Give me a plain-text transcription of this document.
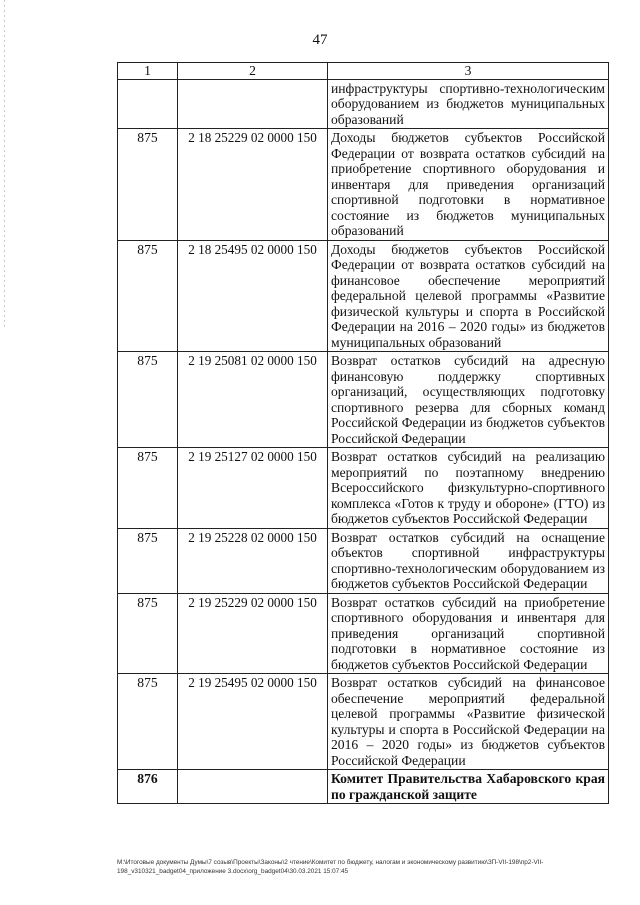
47
1	2	3
		инфраструктуры спортивно-технологическим оборудованием из бюджетов муниципальных образований
875	2 18 25229 02 0000 150	Доходы бюджетов субъектов Российской Федерации от возврата остатков субсидий на приобретение спортивного оборудования и инвентаря для приведения организаций спортивной подготовки в нормативное состояние из бюджетов муниципальных образований
875	2 18 25495 02 0000 150	Доходы бюджетов субъектов Российской Федерации от возврата остатков субсидий на финансовое обеспечение мероприятий федеральной целевой программы «Развитие физической культуры и спорта в Российской Федерации на 2016 – 2020 годы» из бюджетов муниципальных образований
875	2 19 25081 02 0000 150	Возврат остатков субсидий на адресную финансовую поддержку спортивных организаций, осуществляющих подготовку спортивного резерва для сборных команд Российской Федерации из бюджетов субъектов Российской Федерации
875	2 19 25127 02 0000 150	Возврат остатков субсидий на реализацию мероприятий по поэтапному внедрению Всероссийского физкультурно-спортивного комплекса «Готов к труду и обороне» (ГТО) из бюджетов субъектов Российской Федерации
875	2 19 25228 02 0000 150	Возврат остатков субсидий на оснащение объектов спортивной инфраструктуры спортивно-технологическим оборудованием из бюджетов субъектов Российской Федерации
875	2 19 25229 02 0000 150	Возврат остатков субсидий на приобретение спортивного оборудования и инвентаря для приведения организаций спортивной подготовки в нормативное состояние из бюджетов субъектов Российской Федерации
875	2 19 25495 02 0000 150	Возврат остатков субсидий на финансовое обеспечение мероприятий федеральной целевой программы «Развитие физической культуры и спорта в Российской Федерации на 2016 – 2020 годы» из бюджетов субъектов Российской Федерации
876		Комитет Правительства Хабаровского края по гражданской защите
М:\Итоговые документы Думы\7 созыв\Проекты\Законы\2 чтение\Комитет по бюджету, налогам и экономическому развитию\ЗП-VII-198\пр2-VII-198_v310321_badget04_приложение 3.docx\org_badget04\30.03.2021 15:07:45
